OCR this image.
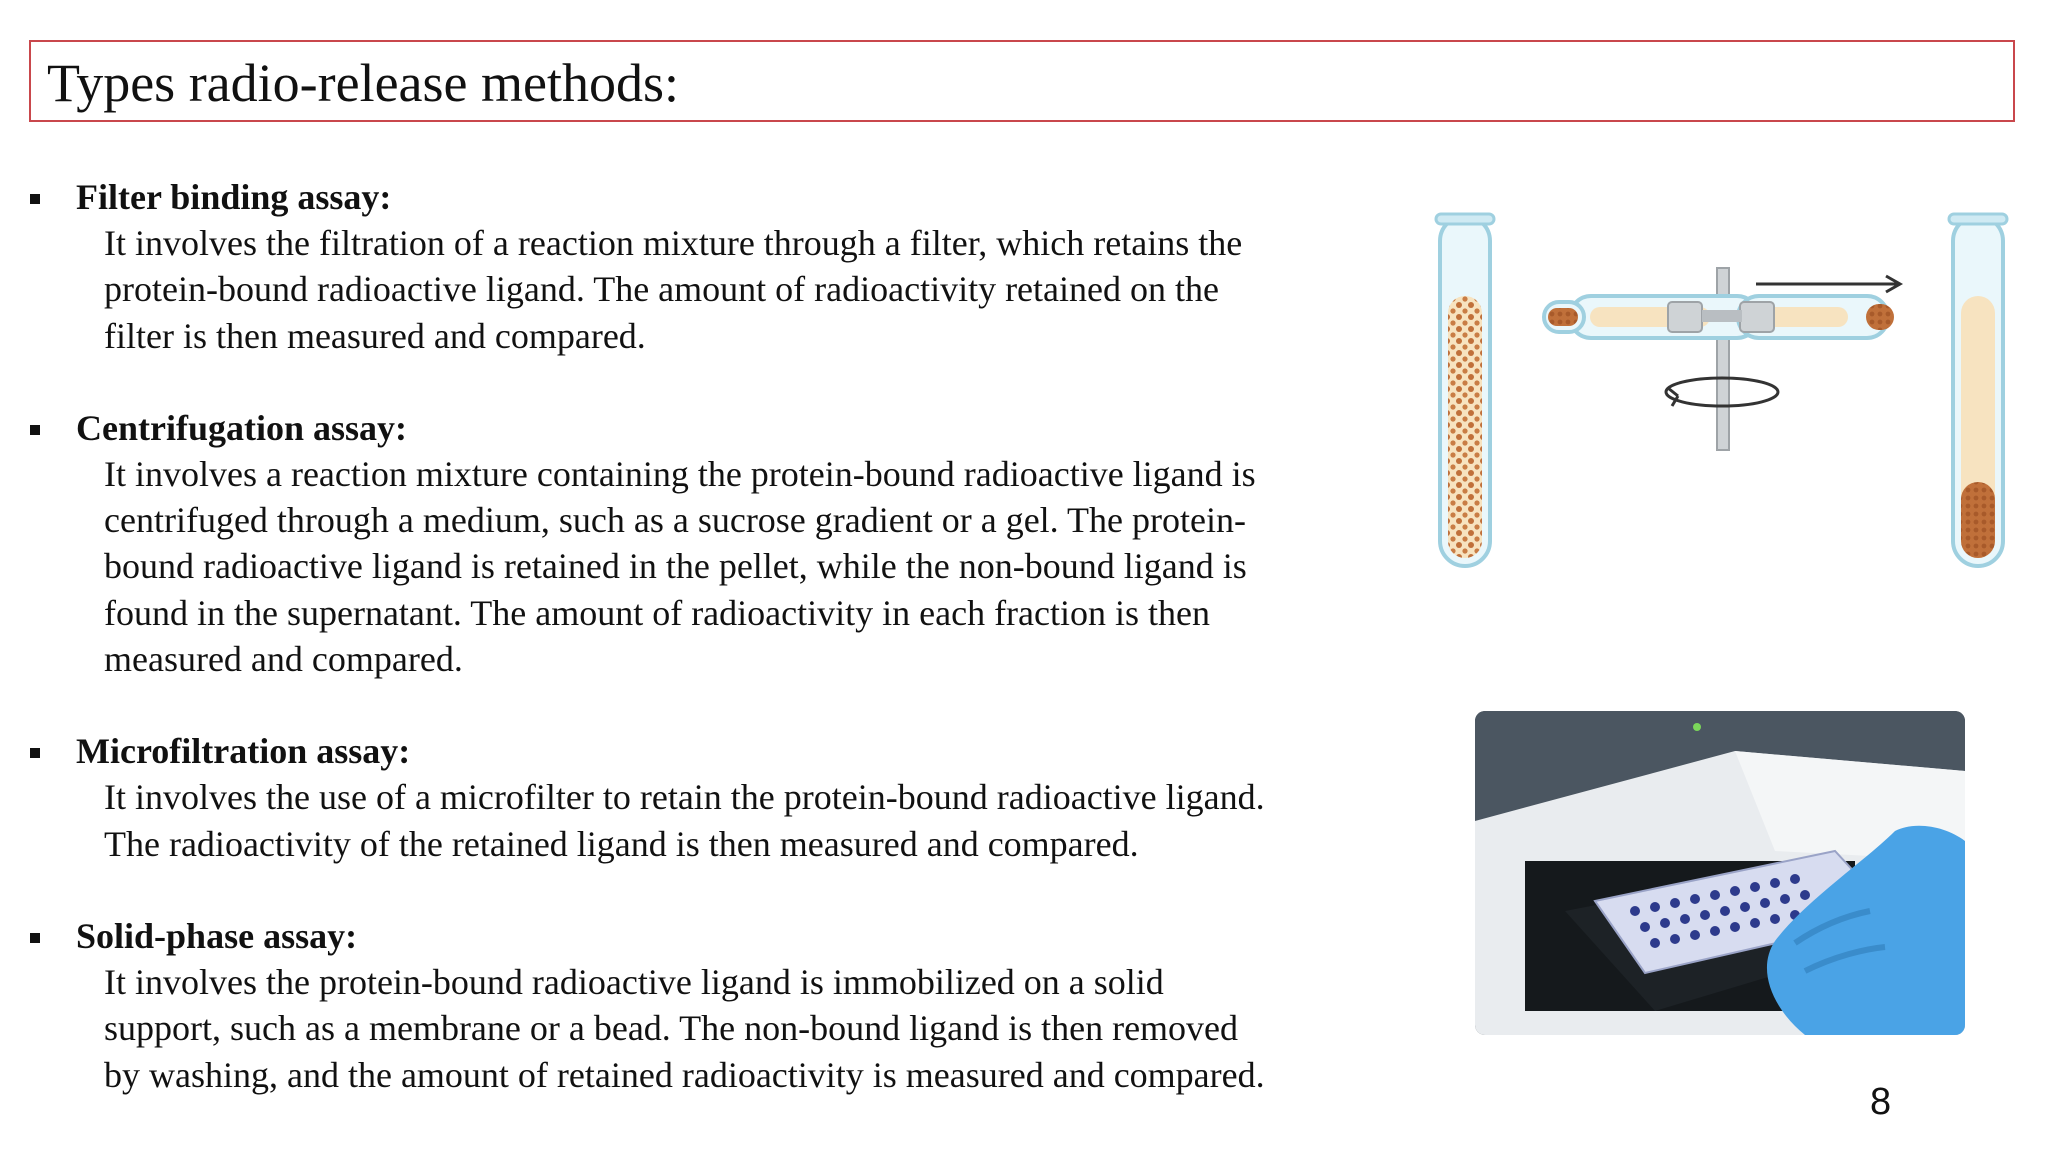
Types radio-release methods:
Filter binding assay:
It involves the filtration of a reaction mixture through a filter, which retains the
protein-bound radioactive ligand. The amount of radioactivity retained on the
filter is then measured and compared.
Centrifugation assay:
It involves a reaction mixture containing the protein-bound radioactive ligand is
centrifuged through a medium, such as a sucrose gradient or a gel. The protein-
bound radioactive ligand is retained in the pellet, while the non-bound ligand is
found in the supernatant. The amount of radioactivity in each fraction is then
measured and compared.
Microfiltration assay:
It involves the use of a microfilter to retain the protein-bound radioactive ligand.
The radioactivity of the retained ligand is then measured and compared.
Solid-phase assay:
It involves the protein-bound radioactive ligand is immobilized on a solid
support, such as a membrane or a bead. The non-bound ligand is then removed
by washing, and the amount of retained radioactivity is measured and compared.
8
